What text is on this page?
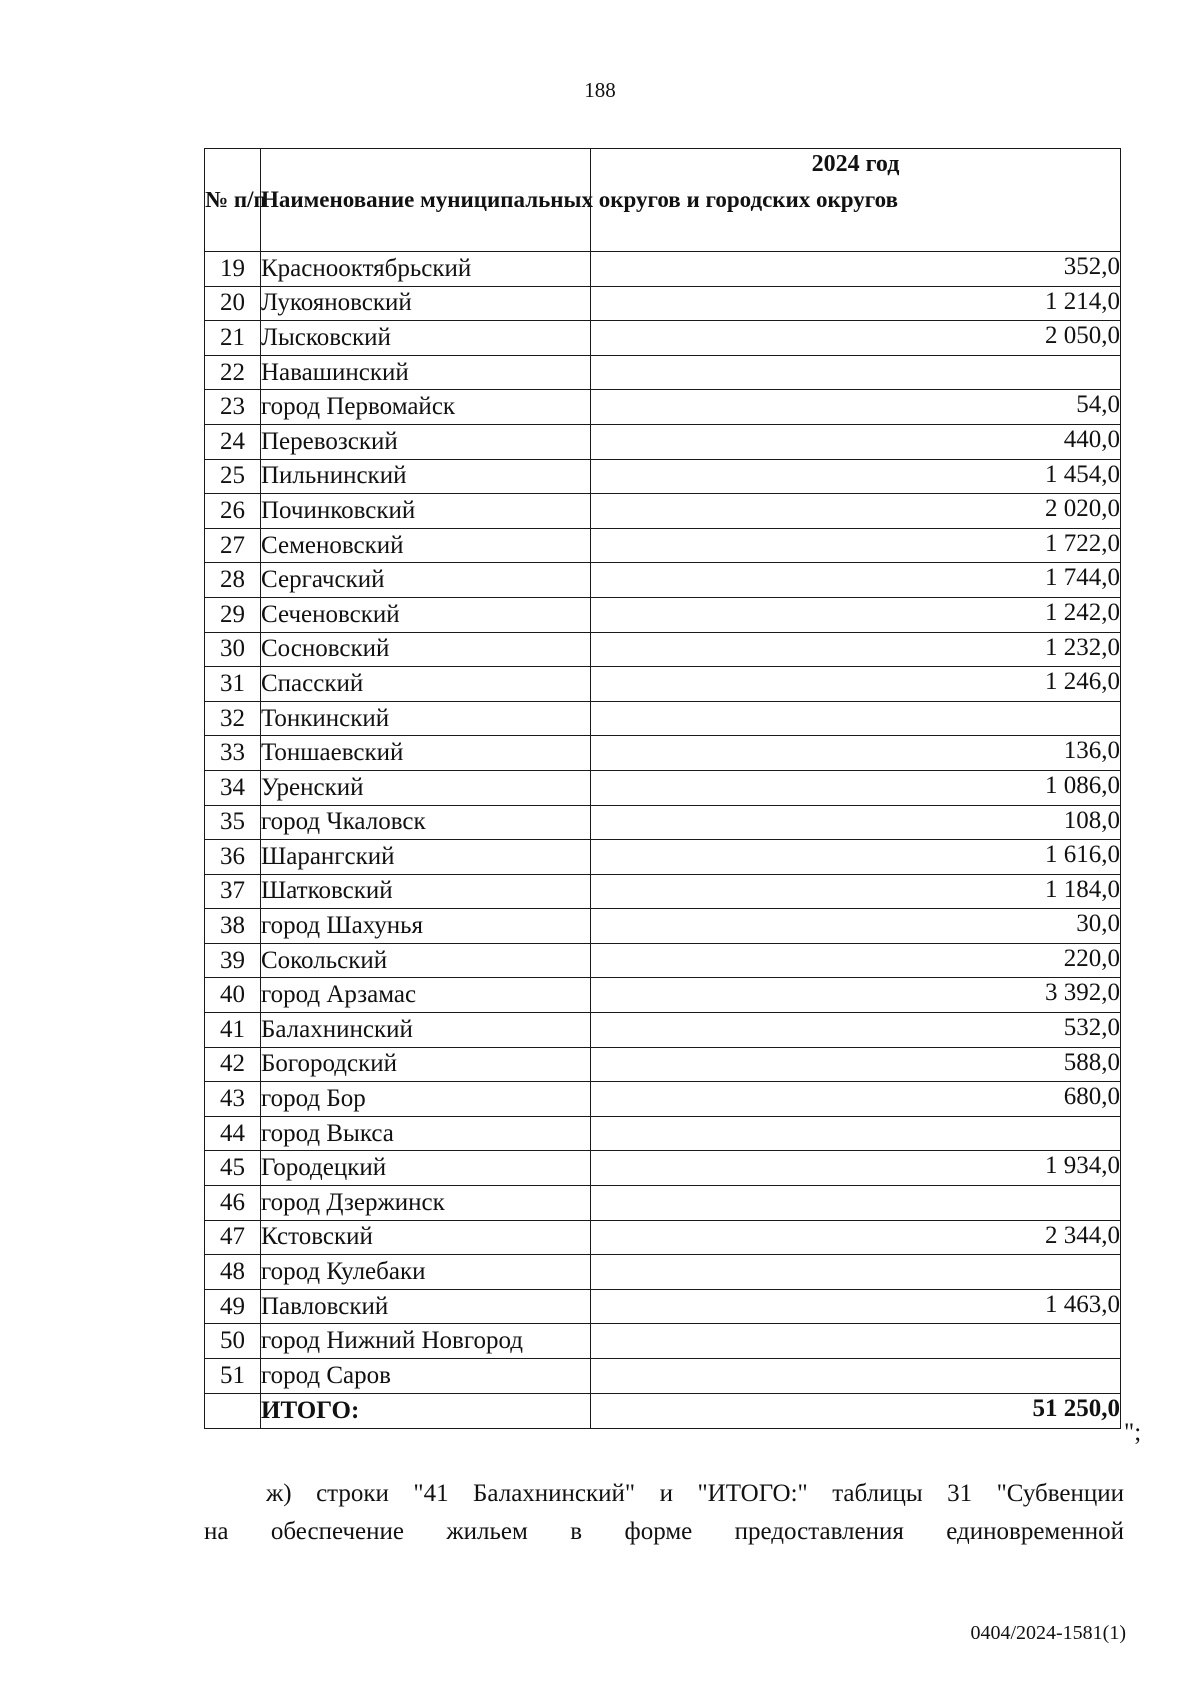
188
№ п/п	Наименование муниципальных округов и городских округов	2024 год
19	Краснооктябрьский	352,0
20	Лукояновский	1 214,0
21	Лысковский	2 050,0
22	Навашинский	
23	город Первомайск	54,0
24	Перевозский	440,0
25	Пильнинский	1 454,0
26	Починковский	2 020,0
27	Семеновский	1 722,0
28	Сергачский	1 744,0
29	Сеченовский	1 242,0
30	Сосновский	1 232,0
31	Спасский	1 246,0
32	Тонкинский	
33	Тоншаевский	136,0
34	Уренский	1 086,0
35	город Чкаловск	108,0
36	Шарангский	1 616,0
37	Шатковский	1 184,0
38	город Шахунья	30,0
39	Сокольский	220,0
40	город Арзамас	3 392,0
41	Балахнинский	532,0
42	Богородский	588,0
43	город Бор	680,0
44	город Выкса	
45	Городецкий	1 934,0
46	город Дзержинск	
47	Кстовский	2 344,0
48	город Кулебаки	
49	Павловский	1 463,0
50	город Нижний Новгород	
51	город Саров	
	ИТОГО:	51 250,0
";
ж) строки "41 Балахнинский" и "ИТОГО:" таблицы 31 "Субвенции
на обеспечение жильем в форме предоставления единовременной
0404/2024-1581(1)
